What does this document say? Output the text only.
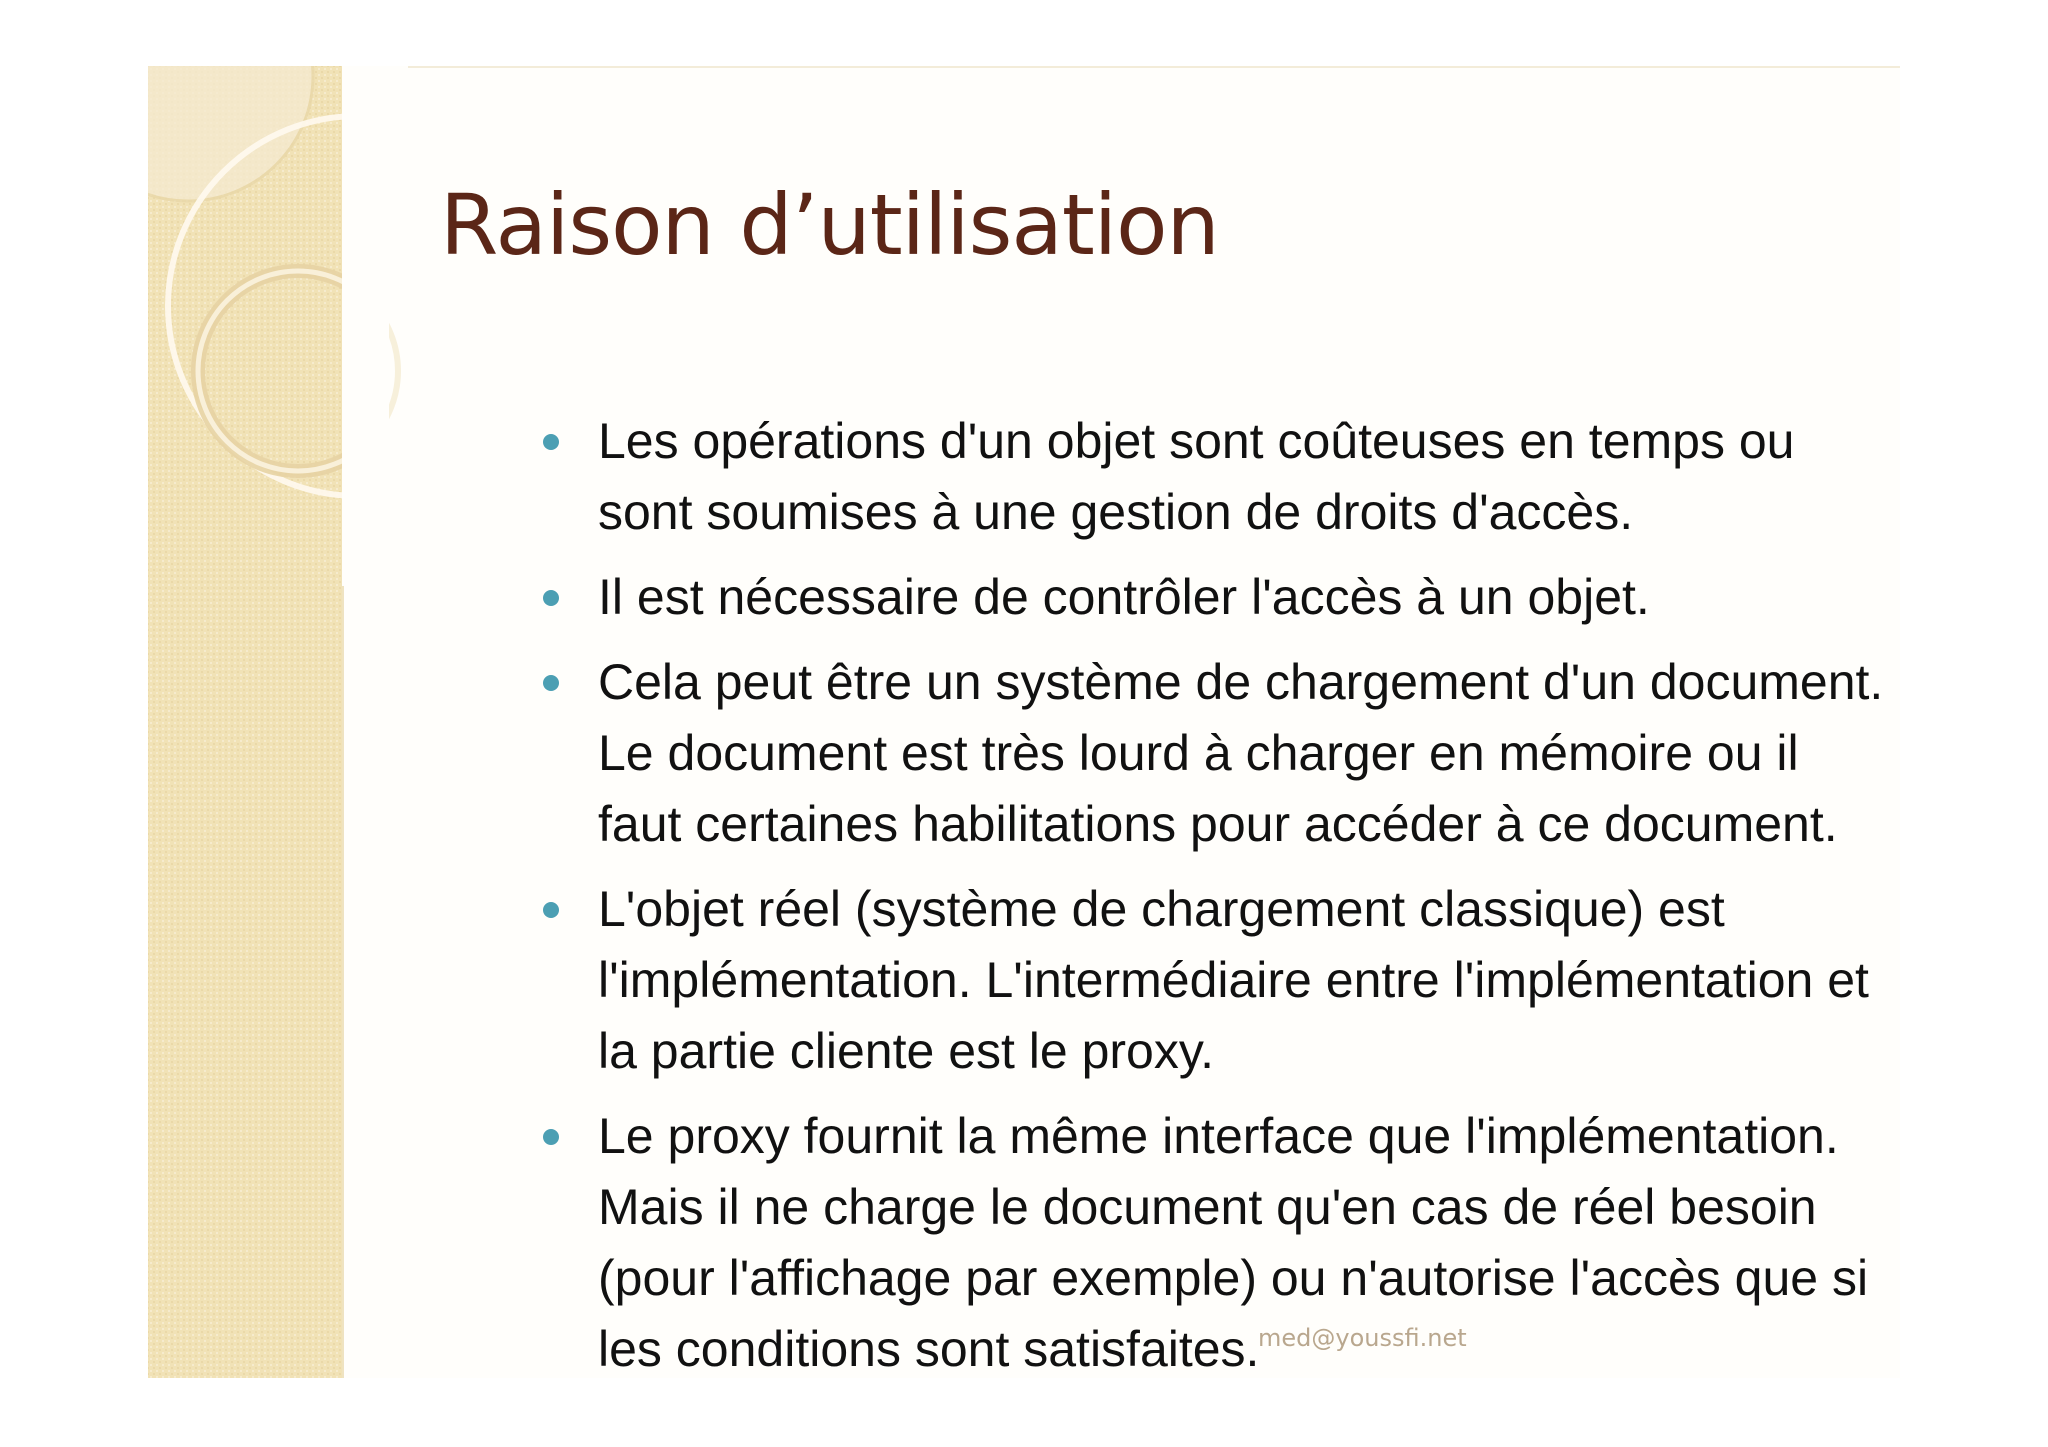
Raison d’utilisation
Les opérations d'un objet sont coûteuses en temps ou
sont soumises à une gestion de droits d'accès.
Il est nécessaire de contrôler l'accès à un objet.
Cela peut être un système de chargement d'un document.
Le document est très lourd à charger en mémoire ou il
faut certaines habilitations pour accéder à ce document.
L'objet réel (système de chargement classique) est
l'implémentation. L'intermédiaire entre l'implémentation et
la partie cliente est le proxy.
Le proxy fournit la même interface que l'implémentation.
Mais il ne charge le document qu'en cas de réel besoin
(pour l'affichage par exemple) ou n'autorise l'accès que si
les conditions sont satisfaites.
med@youssfi.net
